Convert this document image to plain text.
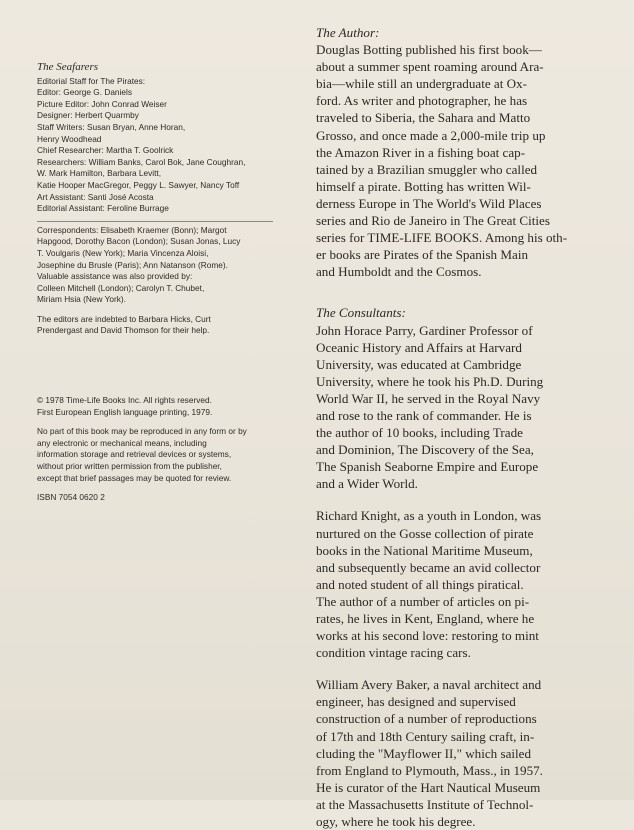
The Seafarers
Editorial Staff for The Pirates:
Editor: George G. Daniels
Picture Editor: John Conrad Weiser
Designer: Herbert Quarmby
Staff Writers: Susan Bryan, Anne Horan,
Henry Woodhead
Chief Researcher: Martha T. Goolrick
Researchers: William Banks, Carol Bok, Jane Coughran,
W. Mark Hamilton, Barbara Levitt,
Katie Hooper MacGregor, Peggy L. Sawyer, Nancy Toff
Art Assistant: Santi José Acosta
Editorial Assistant: Feroline Burrage
Correspondents: Elisabeth Kraemer (Bonn); Margot
Hapgood, Dorothy Bacon (London); Susan Jonas, Lucy
T. Voulgaris (New York); Maria Vincenza Aloisi,
Josephine du Brusle (Paris); Ann Natanson (Rome).
Valuable assistance was also provided by:
Colleen Mitchell (London); Carolyn T. Chubet,
Miriam Hsia (New York).
The editors are indebted to Barbara Hicks, Curt
Prendergast and David Thomson for their help.
© 1978 Time-Life Books Inc. All rights reserved.
First European English language printing, 1979.
No part of this book may be reproduced in any form or by
any electronic or mechanical means, including
information storage and retrieval devices or systems,
without prior written permission from the publisher,
except that brief passages may be quoted for review.
ISBN 7054 0620 2
The Author:
Douglas Botting published his first book—
about a summer spent roaming around Ara-
bia—while still an undergraduate at Ox-
ford. As writer and photographer, he has
traveled to Siberia, the Sahara and Matto
Grosso, and once made a 2,000-mile trip up
the Amazon River in a fishing boat cap-
tained by a Brazilian smuggler who called
himself a pirate. Botting has written Wil-
derness Europe in The World's Wild Places
series and Rio de Janeiro in The Great Cities
series for TIME-LIFE BOOKS. Among his oth-
er books are Pirates of the Spanish Main
and Humboldt and the Cosmos.
The Consultants:
John Horace Parry, Gardiner Professor of
Oceanic History and Affairs at Harvard
University, was educated at Cambridge
University, where he took his Ph.D. During
World War II, he served in the Royal Navy
and rose to the rank of commander. He is
the author of 10 books, including Trade
and Dominion, The Discovery of the Sea,
The Spanish Seaborne Empire and Europe
and a Wider World.
Richard Knight, as a youth in London, was
nurtured on the Gosse collection of pirate
books in the National Maritime Museum,
and subsequently became an avid collector
and noted student of all things piratical.
The author of a number of articles on pi-
rates, he lives in Kent, England, where he
works at his second love: restoring to mint
condition vintage racing cars.
William Avery Baker, a naval architect and
engineer, has designed and supervised
construction of a number of reproductions
of 17th and 18th Century sailing craft, in-
cluding the "Mayflower II," which sailed
from England to Plymouth, Mass., in 1957.
He is curator of the Hart Nautical Museum
at the Massachusetts Institute of Technol-
ogy, where he took his degree.
